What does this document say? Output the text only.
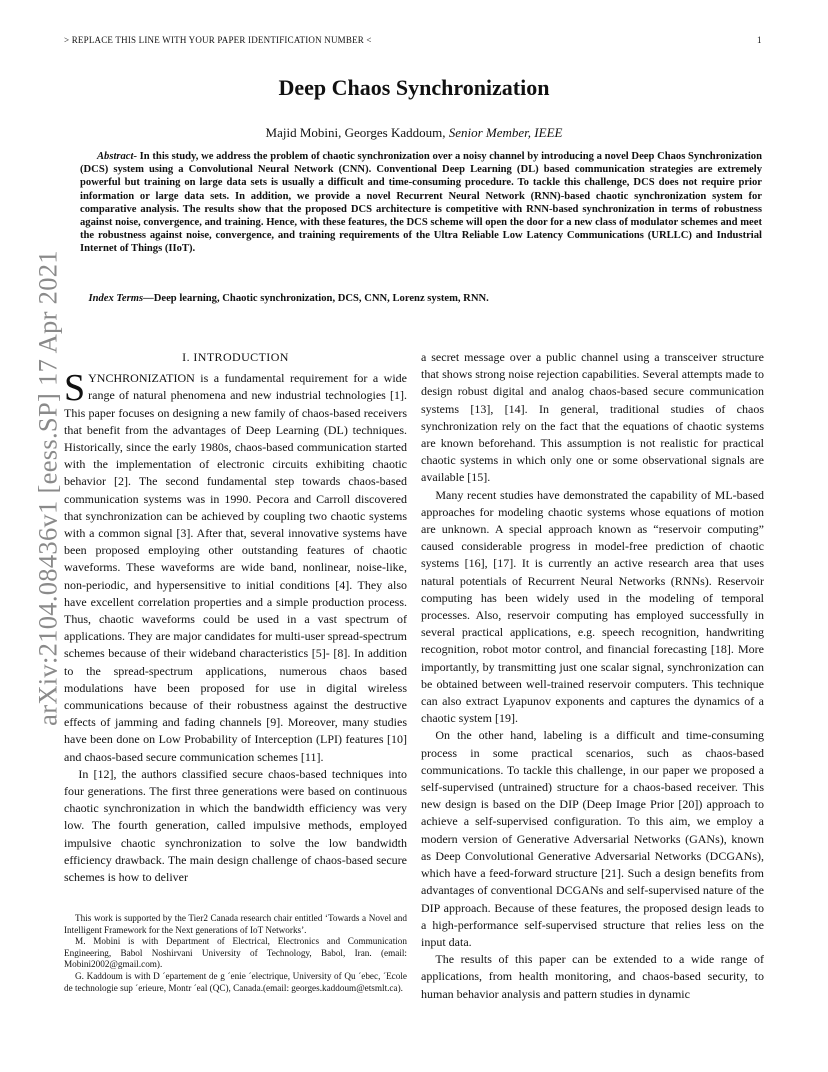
> REPLACE THIS LINE WITH YOUR PAPER IDENTIFICATION NUMBER <	1
arXiv:2104.08436v1 [eess.SP] 17 Apr 2021
Deep Chaos Synchronization
Majid Mobini, Georges Kaddoum, Senior Member, IEEE
Abstract- In this study, we address the problem of chaotic synchronization over a noisy channel by introducing a novel Deep Chaos Synchronization (DCS) system using a Convolutional Neural Network (CNN). Conventional Deep Learning (DL) based communication strategies are extremely powerful but training on large data sets is usually a difficult and time-consuming procedure. To tackle this challenge, DCS does not require prior information or large data sets. In addition, we provide a novel Recurrent Neural Network (RNN)-based chaotic synchronization system for comparative analysis. The results show that the proposed DCS architecture is competitive with RNN-based synchronization in terms of robustness against noise, convergence, and training. Hence, with these features, the DCS scheme will open the door for a new class of modulator schemes and meet the robustness against noise, convergence, and training requirements of the Ultra Reliable Low Latency Communications (URLLC) and Industrial Internet of Things (IIoT).
Index Terms—Deep learning, Chaotic synchronization, DCS, CNN, Lorenz system, RNN.

I. INTRODUCTION

SYNCHRONIZATION is a fundamental requirement for a wide range of natural phenomena and new industrial technologies [1]. This paper focuses on designing a new family of chaos-based receivers that benefit from the advantages of Deep Learning (DL) techniques. Historically, since the early 1980s, chaos-based communication started with the implementation of electronic circuits exhibiting chaotic behavior [2]. The second fundamental step towards chaos-based communication systems was in 1990. Pecora and Carroll discovered that synchronization can be achieved by coupling two chaotic systems with a common signal [3]. After that, several innovative systems have been proposed employing other outstanding features of chaotic waveforms. These waveforms are wide band, nonlinear, noise-like, non-periodic, and hypersensitive to initial conditions [4]. They also have excellent correlation properties and a simple production process. Thus, chaotic waveforms could be used in a vast spectrum of applications. They are major candidates for multi-user spread-spectrum schemes because of their wideband characteristics [5]- [8]. In addition to the spread-spectrum applications, numerous chaos based modulations have been proposed for use in digital wireless communications because of their robustness against the destructive effects of jamming and fading channels [9]. Moreover, many studies have been done on Low Probability of Interception (LPI) features [10] and chaos-based secure communication schemes [11].

In [12], the authors classified secure chaos-based techniques into four generations. The first three generations were based on continuous chaotic synchronization in which the bandwidth efficiency was very low. The fourth generation, called impulsive methods, employed impulsive chaotic synchronization to solve the low bandwidth efficiency drawback. The main design challenge of chaos-based secure schemes is how to deliver

a secret message over a public channel using a transceiver structure that shows strong noise rejection capabilities. Several attempts made to design robust digital and analog chaos-based secure communication systems [13], [14]. In general, traditional studies of chaos synchronization rely on the fact that the equations of chaotic systems are known beforehand. This assumption is not realistic for practical chaotic systems in which only one or some observational signals are available [15].

Many recent studies have demonstrated the capability of ML-based approaches for modeling chaotic systems whose equations of motion are unknown. A special approach known as “reservoir computing” caused considerable progress in model-free prediction of chaotic systems [16], [17]. It is currently an active research area that uses natural potentials of Recurrent Neural Networks (RNNs). Reservoir computing has been widely used in the modeling of temporal processes. Also, reservoir computing has employed successfully in several practical applications, e.g. speech recognition, handwriting recognition, robot motor control, and financial forecasting [18]. More importantly, by transmitting just one scalar signal, synchronization can be obtained between well-trained reservoir computers. This technique can also extract Lyapunov exponents and captures the dynamics of a chaotic system [19].

On the other hand, labeling is a difficult and time-consuming process in some practical scenarios, such as chaos-based communications. To tackle this challenge, in our paper we proposed a self-supervised (untrained) structure for a chaos-based receiver. This new design is based on the DIP (Deep Image Prior [20]) approach to achieve a self-supervised configuration. To this aim, we employ a modern version of Generative Adversarial Networks (GANs), known as Deep Convolutional Generative Adversarial Networks (DCGANs), which have a feed-forward structure [21]. Such a design benefits from advantages of conventional DCGANs and self-supervised nature of the DIP approach. Because of these features, the proposed design leads to a high-performance self-supervised structure that relies less on the input data.

The results of this paper can be extended to a wide range of applications, from health monitoring, and chaos-based security, to human behavior analysis and pattern studies in dynamic

This work is supported by the Tier2 Canada research chair entitled ‘Towards a Novel and Intelligent Framework for the Next generations of IoT Networks’.

M. Mobini is with Department of Electrical, Electronics and Communication Engineering, Babol Noshirvani University of Technology, Babol, Iran. (email: Mobini2002@gmail.com).

G. Kaddoum is with D ´epartement de g ´enie ´electrique, University of Qu ´ebec, ´Ecole de technologie sup ´erieure, Montr ´eal (QC), Canada.(email: georges.kaddoum@etsmlt.ca).
